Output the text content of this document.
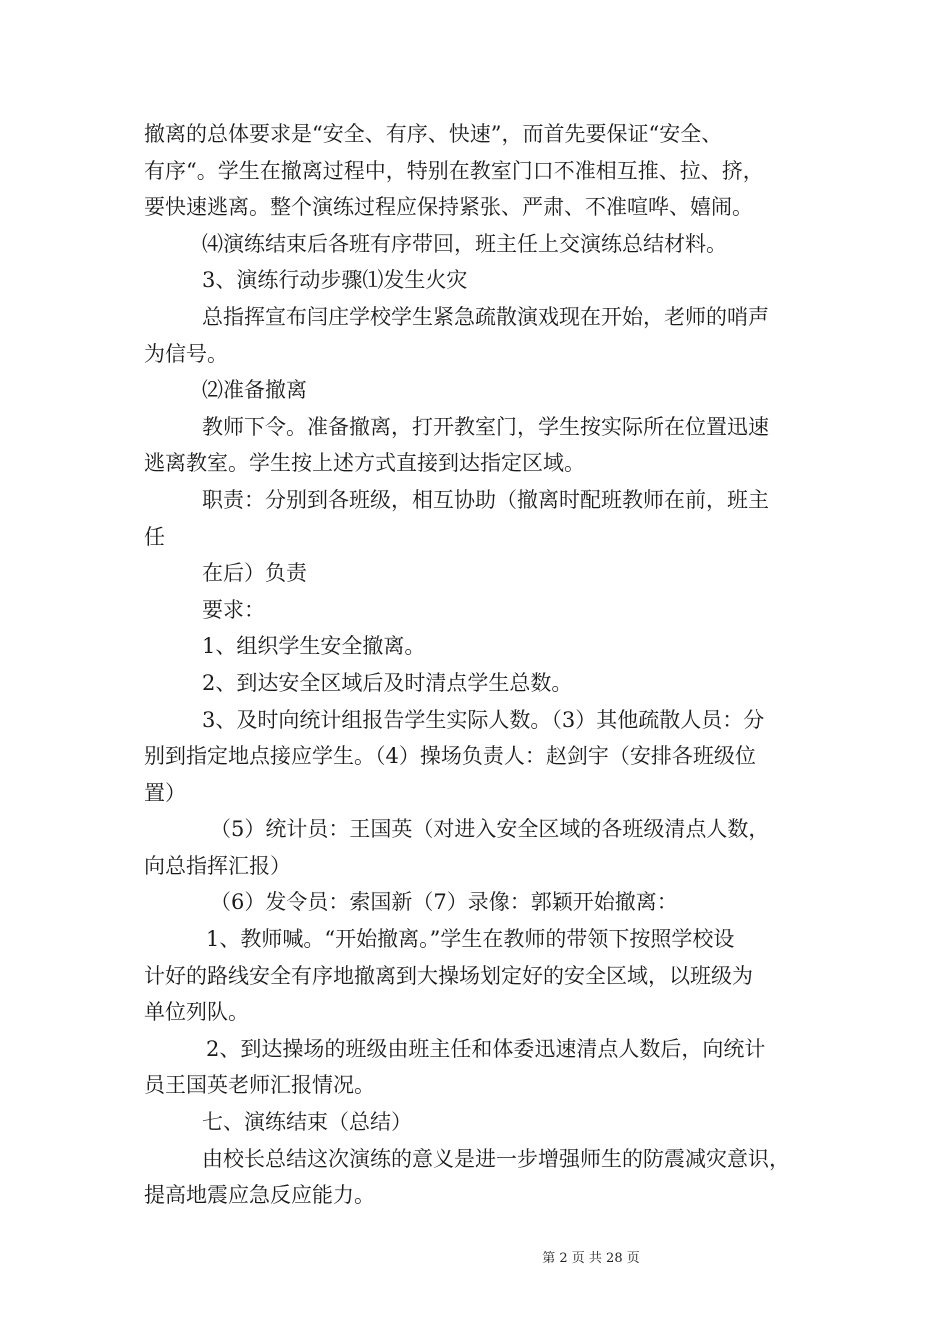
撤离的总体要求是“安全、有序、快速”，而首先要保证“安全、

有序“。学生在撤离过程中，特别在教室门口不准相互推、拉、挤，

要快速逃离。整个演练过程应保持紧张、严肃、不准喧哗、嬉闹。

⑷演练结束后各班有序带回，班主任上交演练总结材料。

3、演练行动步骤⑴发生火灾

总指挥宣布闫庄学校学生紧急疏散演戏现在开始，老师的哨声

为信号。

⑵准备撤离

教师下令。准备撤离，打开教室门，学生按实际所在位置迅速

逃离教室。学生按上述方式直接到达指定区域。

职责：分别到各班级，相互协助（撤离时配班教师在前，班主

任

在后）负责

要求：

1、组织学生安全撤离。

2、到达安全区域后及时清点学生总数。

3、及时向统计组报告学生实际人数。（3）其他疏散人员：分

别到指定地点接应学生。（4）操场负责人：赵剑宇（安排各班级位

置）

（5）统计员：王国英（对进入安全区域的各班级清点人数，

向总指挥汇报）

（6）发令员：索国新（7）录像：郭颖开始撤离：

1、教师喊。“开始撤离。”学生在教师的带领下按照学校设

计好的路线安全有序地撤离到大操场划定好的安全区域，以班级为

单位列队。

2、到达操场的班级由班主任和体委迅速清点人数后，向统计

员王国英老师汇报情况。

七、演练结束（总结）

由校长总结这次演练的意义是进一步增强师生的防震减灾意识，

提高地震应急反应能力。

第 2 页 共 28 页
